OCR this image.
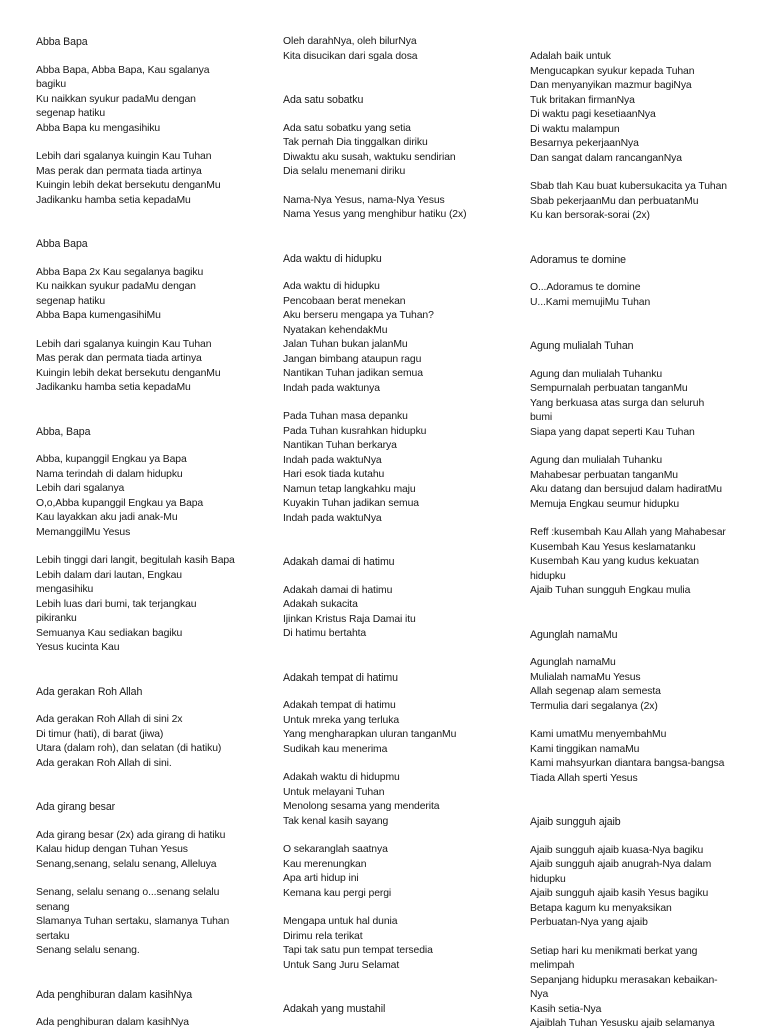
Abba Bapa
Abba Bapa, Abba Bapa, Kau sgalanya
bagiku
Ku naikkan syukur padaMu dengan
segenap hatiku
Abba Bapa ku mengasihiku
Lebih dari sgalanya kuingin Kau Tuhan
Mas perak dan permata tiada artinya
Kuingin lebih dekat bersekutu denganMu
Jadikanku hamba setia kepadaMu
Abba Bapa
Abba Bapa 2x Kau segalanya bagiku
Ku naikkan syukur padaMu dengan
segenap hatiku
Abba Bapa kumengasihiMu
Lebih dari sgalanya kuingin Kau Tuhan
Mas perak dan permata tiada artinya
Kuingin lebih dekat bersekutu denganMu
Jadikanku hamba setia kepadaMu
Abba, Bapa
Abba, kupanggil Engkau ya Bapa
Nama terindah di dalam hidupku
Lebih dari sgalanya
O,o,Abba kupanggil Engkau ya Bapa
Kau layakkan aku jadi anak-Mu
MemanggilMu Yesus
Lebih tinggi dari langit, begitulah kasih Bapa
Lebih dalam dari lautan, Engkau
mengasihiku
Lebih luas dari bumi, tak terjangkau
pikiranku
Semuanya Kau sediakan bagiku
Yesus kucinta Kau
Ada gerakan Roh Allah
Ada gerakan Roh Allah di sini 2x
Di timur (hati), di barat (jiwa)
Utara (dalam roh), dan selatan (di hatiku)
Ada gerakan Roh Allah di sini.
Ada girang besar
Ada girang besar (2x) ada girang di hatiku
Kalau hidup dengan Tuhan Yesus
Senang,senang, selalu senang, Alleluya
Senang, selalu senang o...senang selalu
senang
Slamanya Tuhan sertaku, slamanya Tuhan
sertaku
Senang selalu senang.
Ada penghiburan dalam kasihNya
Ada penghiburan dalam kasihNya
Oleh darahNya, oleh bilurNya
Kita disucikan dari sgala dosa
Ada satu sobatku
Ada satu sobatku yang setia
Tak pernah Dia tinggalkan diriku
Diwaktu aku susah, waktuku sendirian
Dia selalu menemani diriku
Nama-Nya Yesus, nama-Nya Yesus
Nama Yesus yang menghibur hatiku (2x)
Ada waktu di hidupku
Ada waktu di hidupku
Pencobaan berat menekan
Aku berseru mengapa ya Tuhan?
Nyatakan kehendakMu
Jalan Tuhan bukan jalanMu
Jangan bimbang ataupun ragu
Nantikan Tuhan jadikan semua
Indah pada waktunya
Pada Tuhan masa depanku
Pada Tuhan kusrahkan hidupku
Nantikan Tuhan berkarya
Indah pada waktuNya
Hari esok tiada kutahu
Namun tetap langkahku maju
Kuyakin Tuhan jadikan semua
Indah pada waktuNya
Adakah damai di hatimu
Adakah damai di hatimu
Adakah sukacita
Ijinkan Kristus Raja Damai itu
Di hatimu bertahta
Adakah tempat di hatimu
Adakah tempat di hatimu
Untuk mreka yang terluka
Yang mengharapkan uluran tanganMu
Sudikah kau menerima
Adakah waktu di hidupmu
Untuk melayani Tuhan
Menolong sesama yang menderita
Tak kenal kasih sayang
O sekaranglah saatnya
Kau merenungkan
Apa arti hidup ini
Kemana kau pergi pergi
Mengapa untuk hal dunia
Dirimu rela terikat
Tapi tak satu pun tempat tersedia
Untuk Sang Juru Selamat
Adakah yang mustahil
Adalah baik untuk
Mengucapkan syukur kepada Tuhan
Dan menyanyikan mazmur bagiNya
Tuk britakan firmanNya
Di waktu pagi kesetiaanNya
Di waktu malampun
Besarnya pekerjaanNya
Dan sangat dalam rancanganNya
Sbab tlah Kau buat kubersukacita ya Tuhan
Sbab pekerjaanMu dan perbuatanMu
Ku kan bersorak-sorai (2x)
Adoramus te domine
O...Adoramus te domine
U...Kami memujiMu Tuhan
Agung mulialah Tuhan
Agung dan mulialah Tuhanku
Sempurnalah perbuatan tanganMu
Yang berkuasa atas surga dan seluruh
bumi
Siapa yang dapat seperti Kau Tuhan
Agung dan mulialah Tuhanku
Mahabesar perbuatan tanganMu
Aku datang dan bersujud dalam hadiratMu
Memuja Engkau seumur hidupku
Reff :kusembah Kau Allah yang Mahabesar
Kusembah Kau Yesus keslamatanku
Kusembah Kau yang kudus kekuatan
hidupku
Ajaib Tuhan sungguh Engkau mulia
Agunglah namaMu
Agunglah namaMu
Mulialah namaMu Yesus
Allah segenap alam semesta
Termulia dari segalanya (2x)
Kami umatMu menyembahMu
Kami tinggikan namaMu
Kami mahsyurkan diantara bangsa-bangsa
Tiada Allah sperti Yesus
Ajaib sungguh ajaib
Ajaib sungguh ajaib kuasa-Nya bagiku
Ajaib sungguh ajaib anugrah-Nya dalam
hidupku
Ajaib sungguh ajaib kasih Yesus bagiku
Betapa kagum ku menyaksikan
Perbuatan-Nya yang ajaib
Setiap hari ku menikmati berkat yang
melimpah
Sepanjang hidupku merasakan kebaikan-
Nya
Kasih setia-Nya
Ajaiblah Tuhan Yesusku ajaib selamanya
